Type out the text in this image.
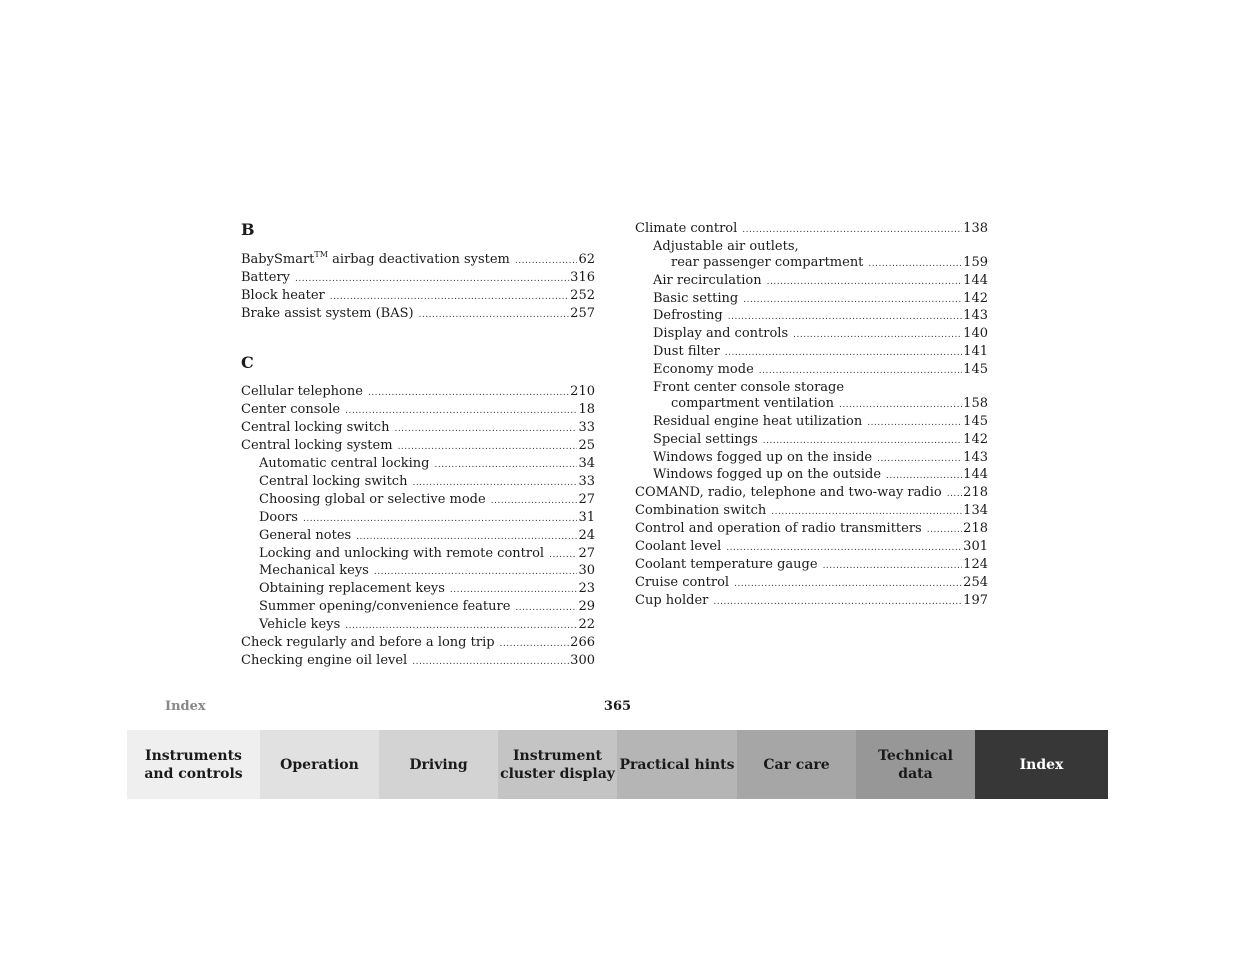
B
BabySmart™ airbag deactivation system .....	62
Battery .....	316
Block heater .....	252
Brake assist system (BAS) .....	257
C
Cellular telephone .....	210
Center console .....	18
Central locking switch .....	33
Central locking system .....	25
Automatic central locking .....	34
Central locking switch .....	33
Choosing global or selective mode .....	27
Doors .....	31
General notes .....	24
Locking and unlocking with remote control .....	27
Mechanical keys .....	30
Obtaining replacement keys .....	23
Summer opening/convenience feature .....	29
Vehicle keys .....	22
Check regularly and before a long trip .....	266
Checking engine oil level .....	300
Climate control .....	138
Adjustable air outlets,
rear passenger compartment .....	159
Air recirculation .....	144
Basic setting .....	142
Defrosting .....	143
Display and controls .....	140
Dust filter .....	141
Economy mode .....	145
Front center console storage
compartment ventilation .....	158
Residual engine heat utilization .....	145
Special settings .....	142
Windows fogged up on the inside .....	143
Windows fogged up on the outside .....	144
COMAND, radio, telephone and two-way radio .....	218
Combination switch .....	134
Control and operation of radio transmitters .....	218
Coolant level .....	301
Coolant temperature gauge .....	124
Cruise control .....	254
Cup holder .....	197
Index	365
Instruments
and controls
Operation	Driving
Instrument
cluster display
Practical hints	Car care
Technical
data
Index
